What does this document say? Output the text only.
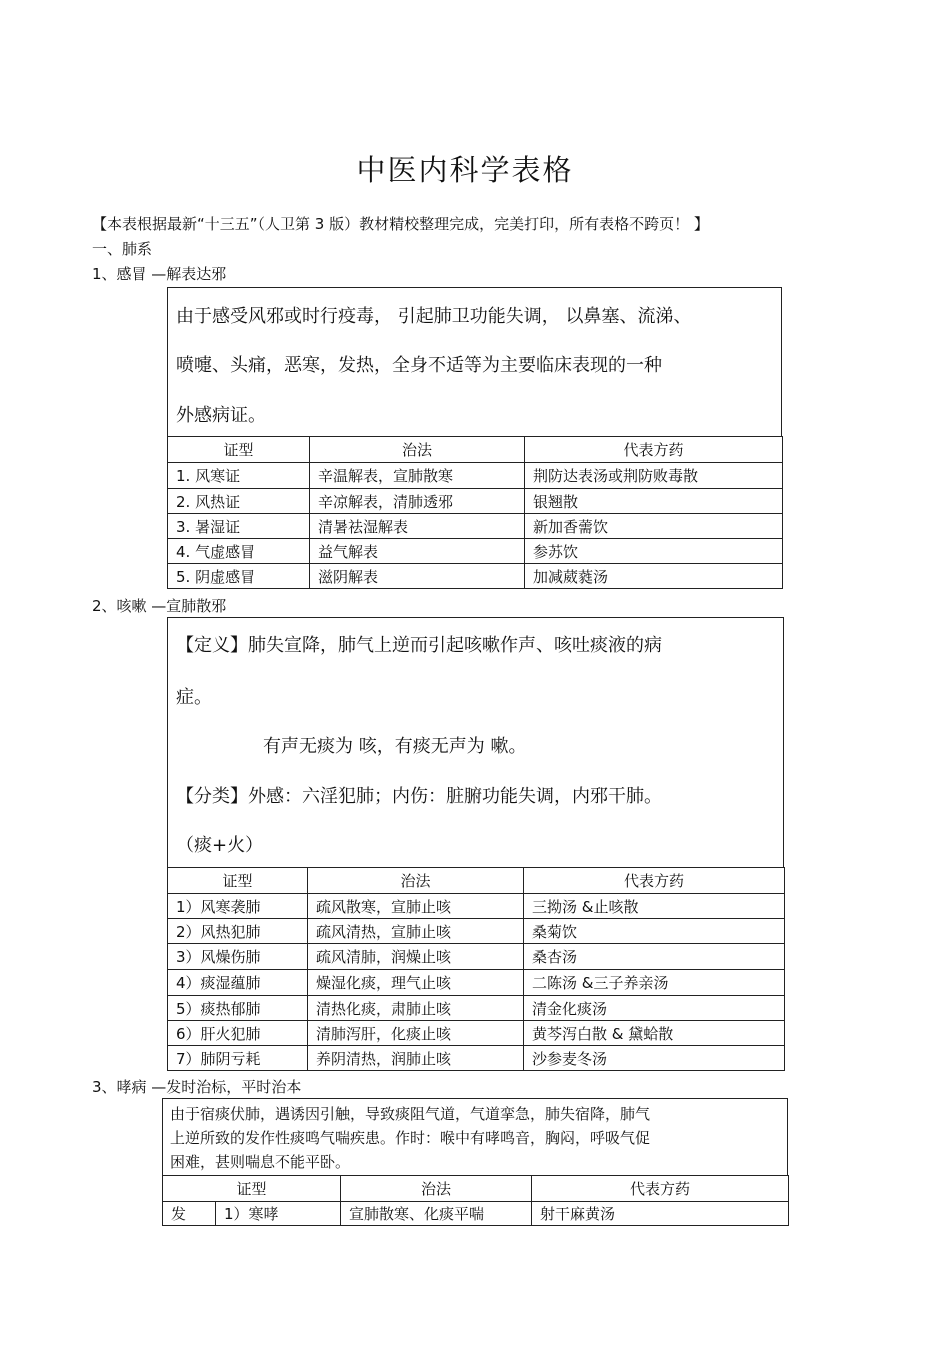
中医内科学表格
【本表根据最新“十三五”（人卫第 3 版）教材精校整理完成，完美打印，所有表格不跨页！ 】
一、肺系
1、感冒 —解表达邪
由于感受风邪或时行疫毒， 引起肺卫功能失调， 以鼻塞、流涕、
喷嚏、头痛，恶寒，发热，全身不适等为主要临床表现的一种
外感病证。
证型	治法	代表方药
1. 风寒证	辛温解表，宣肺散寒	荆防达表汤或荆防败毒散
2. 风热证	辛凉解表，清肺透邪	银翘散
3. 暑湿证	清暑祛湿解表	新加香薷饮
4. 气虚感冒	益气解表	参苏饮
5. 阴虚感冒	滋阴解表	加减葳蕤汤
2、咳嗽 —宣肺散邪
【定义】肺失宣降，肺气上逆而引起咳嗽作声、咳吐痰液的病
症。
有声无痰为 咳，有痰无声为 嗽。
【分类】外感：六淫犯肺；内伤：脏腑功能失调，内邪干肺。
（痰+火）
证型	治法	代表方药
1）风寒袭肺	疏风散寒，宣肺止咳	三拗汤 &止咳散
2）风热犯肺	疏风清热，宣肺止咳	桑菊饮
3）风燥伤肺	疏风清肺，润燥止咳	桑杏汤
4）痰湿蕴肺	燥湿化痰，理气止咳	二陈汤 &三子养亲汤
5）痰热郁肺	清热化痰，肃肺止咳	清金化痰汤
6）肝火犯肺	清肺泻肝，化痰止咳	黄芩泻白散 & 黛蛤散
7）肺阴亏耗	养阴清热，润肺止咳	沙参麦冬汤
3、哮病 —发时治标，平时治本
由于宿痰伏肺，遇诱因引触，导致痰阻气道，气道挛急，肺失宿降，肺气
上逆所致的发作性痰鸣气喘疾患。作时：喉中有哮鸣音，胸闷，呼吸气促
困难，甚则喘息不能平卧。
证型		治法	代表方药
发	1）寒哮	宣肺散寒、化痰平喘	射干麻黄汤
